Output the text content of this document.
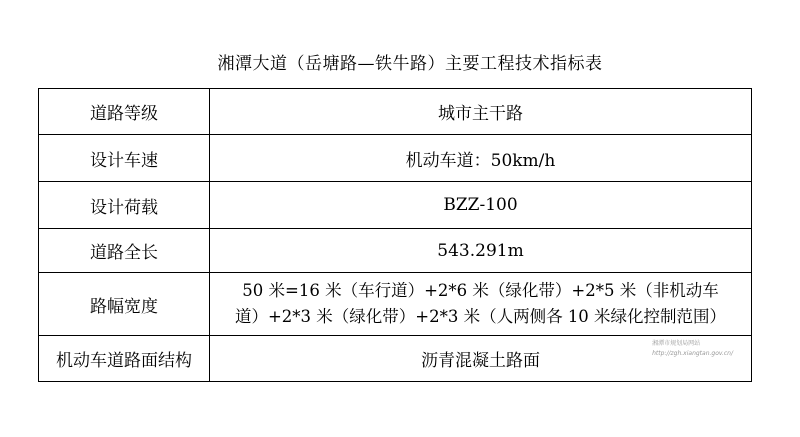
湘潭大道（岳塘路—铁牛路）主要工程技术指标表
道路等级	城市主干路
设计车速	机动车道：50km/h
设计荷载	BZZ-100
道路全长	543.291m
路幅宽度	50 米=16 米（车行道）+2*6 米（绿化带）+2*5 米（非机动车
道）+2*3 米（绿化带）+2*3 米（人两侧各 10 米绿化控制范围）

机动车道路面结构	沥青混凝土路面
湘潭市规划局网站
http://zgh.xiangtan.gov.cn/
